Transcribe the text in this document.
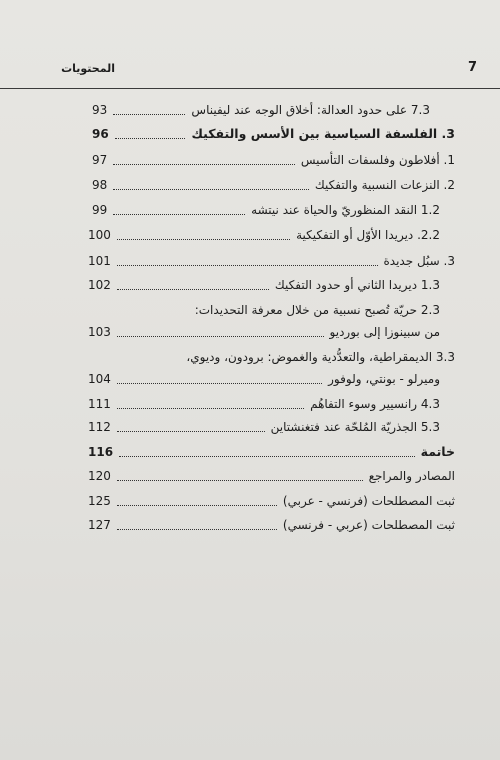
7
المحتويات
7.3 على حدود العدالة: أخلاق الوجه عند ليفيناس
93
3. الفلسفة السياسية بين الأسس والتفكيك
96
1. أفلاطون وفلسفات التأسيس
97
2. النزعات النسبية والتفكيك
98
1.2 النقد المنظوريّ والحياة عند نيتشه
99
2.2. ديريدا الأوّل أو التفكيكية
100
3. سبُل جديدة
101
1.3 ديريدا الثاني أو حدود التفكيك
102
2.3 حريّة تُصبح نسبية من خلال معرفة التحديدات:
من سبينوزا إلى بورديو
103
3.3 الديمقراطية، والتعدُّدية والغموض: برودون، وديوي،
وميرلو - بونتي، ولوفور
104
4.3 رانسيير وسوء التفاهُم
111
5.3 الجذريّة المُلحّة عند فتغنشتاين
112
خاتمة
116
المصادر والمراجع
120
ثبت المصطلحات (فرنسي - عربي)
125
ثبت المصطلحات (عربي - فرنسي)
127
